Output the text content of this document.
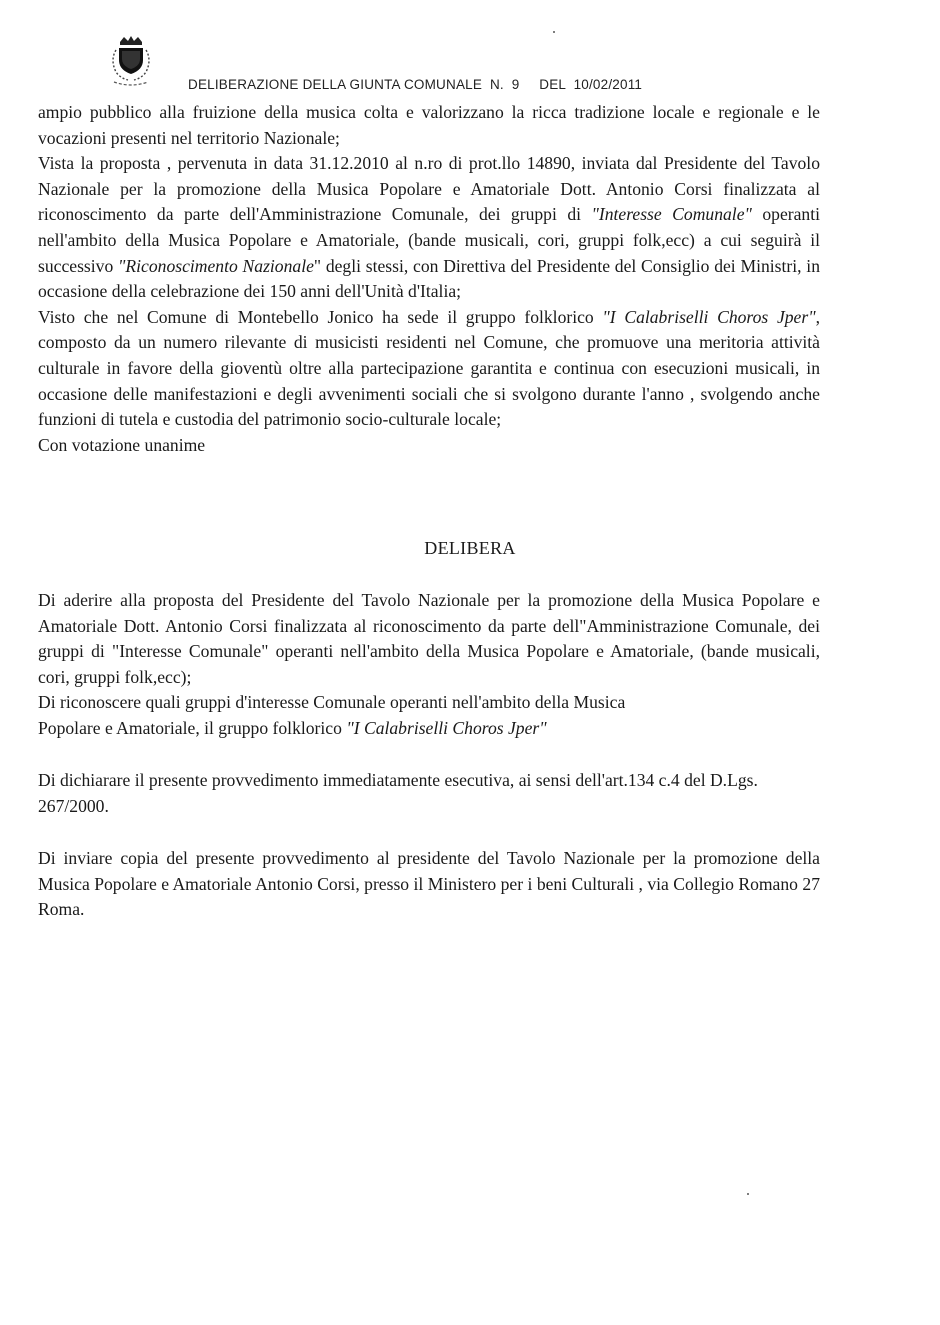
DELIBERAZIONE DELLA GIUNTA COMUNALE N. 9 DEL 10/02/2011

ampio pubblico alla fruizione della musica colta e valorizzano la ricca tradizione locale e regionale e le vocazioni presenti nel territorio Nazionale;

Vista la proposta , pervenuta in data 31.12.2010 al n.ro di prot.llo 14890, inviata dal Presidente del Tavolo Nazionale per la promozione della Musica Popolare e Amatoriale Dott. Antonio Corsi finalizzata al riconoscimento da parte dell'Amministrazione Comunale, dei gruppi di "Interesse Comunale" operanti nell'ambito della Musica Popolare e Amatoriale, (bande musicali, cori, gruppi folk,ecc) a cui seguirà il successivo "Riconoscimento Nazionale" degli stessi, con Direttiva del Presidente del Consiglio dei Ministri, in occasione della celebrazione dei 150 anni dell'Unità d'Italia;

Visto che nel Comune di Montebello Jonico ha sede il gruppo folklorico "I Calabriselli Choros Jper", composto da un numero rilevante di musicisti residenti nel Comune, che promuove una meritoria attività culturale in favore della gioventù oltre alla partecipazione garantita e continua con esecuzioni musicali, in occasione delle manifestazioni e degli avvenimenti sociali che si svolgono durante l'anno , svolgendo anche funzioni di tutela e custodia del patrimonio socio-culturale locale;

Con votazione unanime

DELIBERA

Di aderire alla proposta del Presidente del Tavolo Nazionale per la promozione della Musica Popolare e Amatoriale Dott. Antonio Corsi finalizzata al riconoscimento da parte dell"Amministrazione Comunale, dei gruppi di "Interesse Comunale" operanti nell'ambito della Musica Popolare e Amatoriale, (bande musicali, cori, gruppi folk,ecc);

Di riconoscere quali gruppi d'interesse Comunale operanti nell'ambito della Musica
Popolare e Amatoriale, il gruppo folklorico "I Calabriselli Choros Jper"

Di dichiarare il presente provvedimento immediatamente esecutiva, ai sensi dell'art.134 c.4 del D.Lgs. 267/2000.

Di inviare copia del presente provvedimento al presidente del Tavolo Nazionale per la promozione della Musica Popolare e Amatoriale Antonio Corsi, presso il Ministero per i beni Culturali , via Collegio Romano 27 Roma.
